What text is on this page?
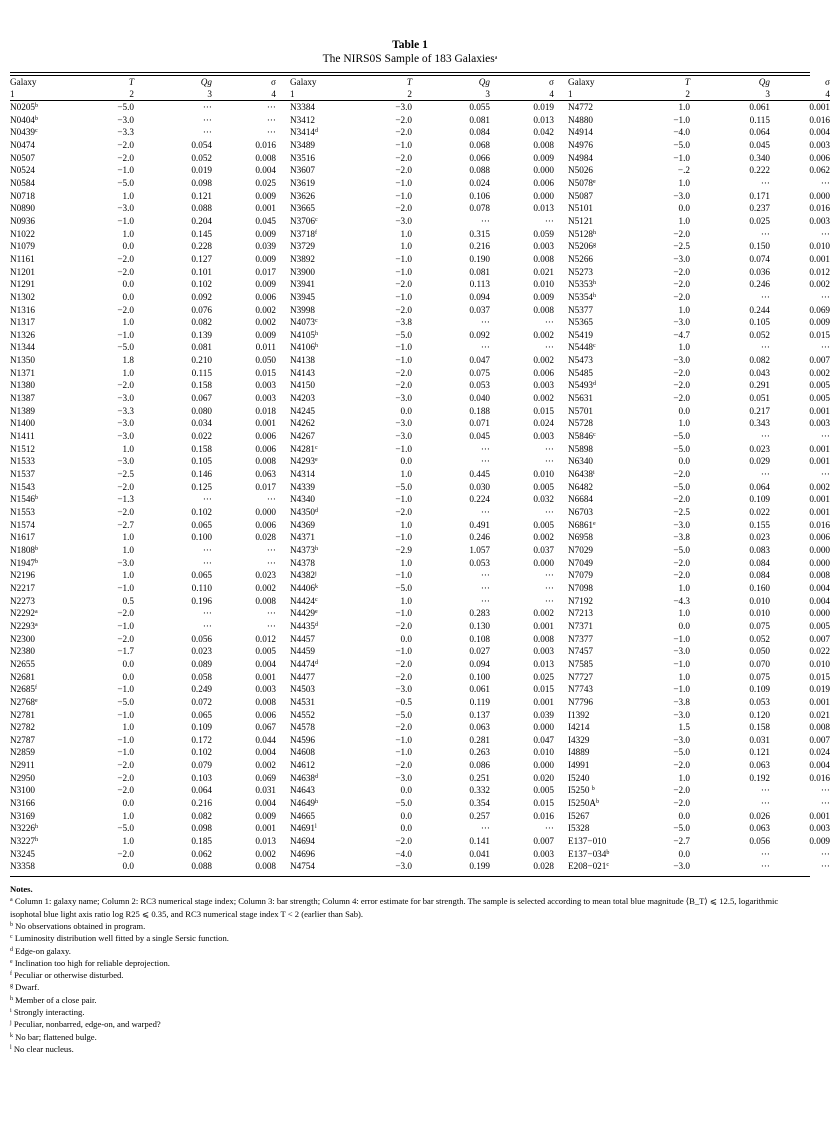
Table 1
The NIRS0S Sample of 183 Galaxies$^a$
Galaxy	T	Qg	σ		Galaxy	T	Qg	σ		Galaxy	T	Qg	σ
1	2	3	4		1	2	3	4		1	2	3	4

$N0205^b$	−5.0	···	···		N3384	−3.0	0.055	0.019		N4772	1.0	0.061	0.001
$N0404^b$	−3.0	···	···		N3412	−2.0	0.081	0.013		N4880	−1.0	0.115	0.016
$N0439^c$	−3.3	···	···		$N3414^d$	−2.0	0.084	0.042		N4914	−4.0	0.064	0.004
N0474	−2.0	0.054	0.016		N3489	−1.0	0.068	0.008		N4976	−5.0	0.045	0.003
N0507	−2.0	0.052	0.008		N3516	−2.0	0.066	0.009		N4984	−1.0	0.340	0.006
N0524	−1.0	0.019	0.004		N3607	−2.0	0.088	0.000		N5026	−.2	0.222	0.062
N0584	−5.0	0.098	0.025		N3619	−1.0	0.024	0.006		N5078e	1.0	···	···
N0718	1.0	0.121	0.009		N3626	−1.0	0.106	0.000		N5087	−3.0	0.171	0.000
N0890	−3.0	0.088	0.001		N3665	−2.0	0.078	0.013		N5101	0.0	0.237	0.016
N0936	−1.0	0.204	0.045		$N3706^c$	−3.0	···	···		N5121	1.0	0.025	0.003
N1022	1.0	0.145	0.009		N3718$^f$	1.0	0.315	0.059		$N5128^h$	−2.0	···	···
N1079	0.0	0.228	0.039		N3729	1.0	0.216	0.003		$N5206^g$	−2.5	0.150	0.010
N1161	−2.0	0.127	0.009		N3892	−1.0	0.190	0.008		N5266	−3.0	0.074	0.001
N1201	−2.0	0.101	0.017		N3900	−1.0	0.081	0.021		N5273	−2.0	0.036	0.012
N1291	0.0	0.102	0.009		N3941	−2.0	0.113	0.010		$N5353^h$	−2.0	0.246	0.002
N1302	0.0	0.092	0.006		N3945	−1.0	0.094	0.009		$N5354^h$	−2.0	···	···
N1316	−2.0	0.076	0.002		N3998	−2.0	0.037	0.008		N5377	1.0	0.244	0.069
N1317	1.0	0.082	0.002		$N4073^c$	−3.8	···	···		N5365	−3.0	0.105	0.009
N1326	−1.0	0.139	0.009		$N4105^h$	−5.0	0.092	0.002		N5419	−4.7	0.052	0.015
N1344	−5.0	0.081	0.011		$N4106^h$	−1.0	···	···		N5448$^c$	1.0	···	···
N1350	1.8	0.210	0.050		N4138	−1.0	0.047	0.002		N5473	−3.0	0.082	0.007
N1371	1.0	0.115	0.015		N4143	−2.0	0.075	0.006		N5485	−2.0	0.043	0.002
N1380	−2.0	0.158	0.003		N4150	−2.0	0.053	0.003		$N5493^d$	−2.0	0.291	0.005
N1387	−3.0	0.067	0.003		N4203	−3.0	0.040	0.002		N5631	−2.0	0.051	0.005
N1389	−3.3	0.080	0.018		N4245	0.0	0.188	0.015		N5701	0.0	0.217	0.001
N1400	−3.0	0.034	0.001		N4262	−3.0	0.071	0.024		N5728	1.0	0.343	0.003
N1411	−3.0	0.022	0.006		N4267	−3.0	0.045	0.003		$N5846^c$	−5.0	···	···
N1512	1.0	0.158	0.006		$N4281^c$	−1.0	···	···		N5898	−5.0	0.023	0.001
N1533	−3.0	0.105	0.008		N4293e	0.0	···	···		N6340	0.0	0.029	0.001
N1537	−2.5	0.146	0.063		N4314	1.0	0.445	0.010		$N6438^i$	−2.0	···	···
N1543	−2.0	0.125	0.017		N4339	−5.0	0.030	0.005		N6482	−5.0	0.064	0.002
$N1546^b$	−1.3	···	···		N4340	−1.0	0.224	0.032		N6684	−2.0	0.109	0.001
N1553	−2.0	0.102	0.000		$N4350^d$	−2.0	···	···		N6703	−2.5	0.022	0.001
N1574	−2.7	0.065	0.006		N4369	1.0	0.491	0.005		$N6861^e$	−3.0	0.155	0.016
N1617	1.0	0.100	0.028		N4371	−1.0	0.246	0.002		N6958	−3.8	0.023	0.006
N1808$^b$	1.0	···	···		$N4373^h$	−2.9	1.057	0.037		N7029	−5.0	0.083	0.000
$N1947^b$	−3.0	···	···		N4378	1.0	0.053	0.000		N7049	−2.0	0.084	0.000
N2196	1.0	0.065	0.023		$N4382^j$	−1.0	···	···		N7079	−2.0	0.084	0.008
N2217	−1.0	0.110	0.002		$N4406^k$	−5.0	···	···		N7098	1.0	0.160	0.004
N2273	0.5	0.196	0.008		N4424$^c$	1.0	···	···		N7192	−4.3	0.010	0.004
$N2292^a$	−2.0	···	···		$N4429^e$	−1.0	0.283	0.002		N7213	1.0	0.010	0.000
$N2293^a$	−1.0	···	···		$N4435^d$	−2.0	0.130	0.001		N7371	0.0	0.075	0.005
N2300	−2.0	0.056	0.012		N4457	0.0	0.108	0.008		N7377	−1.0	0.052	0.007
N2380	−1.7	0.023	0.005		N4459	−1.0	0.027	0.003		N7457	−3.0	0.050	0.022
N2655	0.0	0.089	0.004		$N4474^d$	−2.0	0.094	0.013		N7585	−1.0	0.070	0.010
N2681	0.0	0.058	0.001		N4477	−2.0	0.100	0.025		N7727	1.0	0.075	0.015
$N2685^f$	−1.0	0.249	0.003		N4503	−3.0	0.061	0.015		N7743	−1.0	0.109	0.019
$N2768^e$	−5.0	0.072	0.008		N4531	−0.5	0.119	0.001		N7796	−3.8	0.053	0.001
N2781	−1.0	0.065	0.006		N4552	−5.0	0.137	0.039		I1392	−3.0	0.120	0.021
N2782	1.0	0.109	0.067		N4578	−2.0	0.063	0.000		I4214	1.5	0.158	0.008
N2787	−1.0	0.172	0.044		N4596	−1.0	0.281	0.047		I4329	−3.0	0.031	0.007
N2859	−1.0	0.102	0.004		N4608	−1.0	0.263	0.010		I4889	−5.0	0.121	0.024
N2911	−2.0	0.079	0.002		N4612	−2.0	0.086	0.000		I4991	−2.0	0.063	0.004
N2950	−2.0	0.103	0.069		$N4638^d$	−3.0	0.251	0.020		I5240	1.0	0.192	0.016
N3100	−2.0	0.064	0.031		N4643	0.0	0.332	0.005		I5250 $^b$	−2.0	···	···
N3166	0.0	0.216	0.004		$N4649^h$	−5.0	0.354	0.015		$I5250A^b$	−2.0	···	···
N3169	1.0	0.082	0.009		N4665	0.0	0.257	0.016		I5267	0.0	0.026	0.001
$N3226^h$	−5.0	0.098	0.001		N4691$^l$	0.0	···	···		I5328	−5.0	0.063	0.003
N3227$^h$	1.0	0.185	0.013		N4694	−2.0	0.141	0.007		E137−010	−2.7	0.056	0.009
N3245	−2.0	0.062	0.002		N4696	−4.0	0.041	0.003		$E137-034^b$	0.0	···	···
N3358	0.0	0.088	0.008		N4754	−3.0	0.199	0.028		$E208-021^c$	−3.0	···	···
Notes.

$^a$ Column 1: galaxy name; Column 2: RC3 numerical stage index; Column 3: bar strength; Column 4: error estimate for bar strength. The sample is selected according to mean total blue magnitude ⟨B_T⟩ ⩽ 12.5, logarithmic isophotal blue light axis ratio log R25 ⩽ 0.35, and RC3 numerical stage index T < 2 (earlier than Sab).

$^b$ No observations obtained in program.

$^c$ Luminosity distribution well fitted by a single Sersic function.

$^d$ Edge-on galaxy.

$^e$ Inclination too high for reliable deprojection.

$^f$ Peculiar or otherwise disturbed.

$^g$ Dwarf.

$^h$ Member of a close pair.

$^i$ Strongly interacting.

$^j$ Peculiar, nonbarred, edge-on, and warped?

$^k$ No bar; flattened bulge.

$^l$ No clear nucleus.
